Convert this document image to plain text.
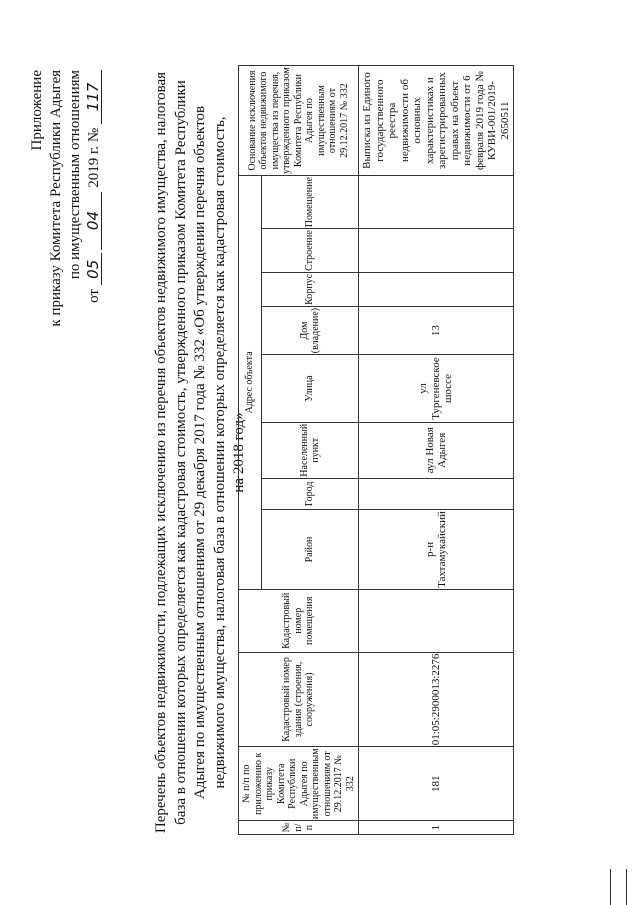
Приложение к приказу Комитета Республики Адыгея по имущественным отношениям
от 05 04 2019 г. № 117	Перечень объектов недвижимости, подлежащих исключению из перечня объектов недвижимого имущества, налоговая база в отношении которых определяется как кадастровая стоимость, утвержденного приказом Комитета Республики Адыгея по имущественным отношениям от 29 декабря 2017 года № 332 «Об утверждении перечня объектов недвижимого имущества, налоговая база в отношении которых определяется как кадастровая стоимость, на 2018 год»
№ п/п	№ п/п по приложению к приказу Комитета Республики Адыгея по имущественным отношениям от 29.12.2017 № 332	Кадастровый номер здания (строения, сооружения)	Кадастровый номер помещения	Адрес объекта								Основание исключения объектов недвижимого имущества из перечня, утвержденного приказом Комитета Республики Адыгея по имущественным отношениям от 29.12.2017 № 332
				Район	Город	Населенный пункт	Улица	Дом (владение)	Корпус	Строение	Помещение	
1	181	01:05:2900013:2276		р-н Тахтамукайский		аул Новая Адыгея	ул Тургеневское шоссе	13				Выписка из Единого государственного реестра недвижимости об основных характеристиках и зарегистрированных правах на объект недвижимости от 6 февраля 2019 года № КУВИ-001/2019-2650511
